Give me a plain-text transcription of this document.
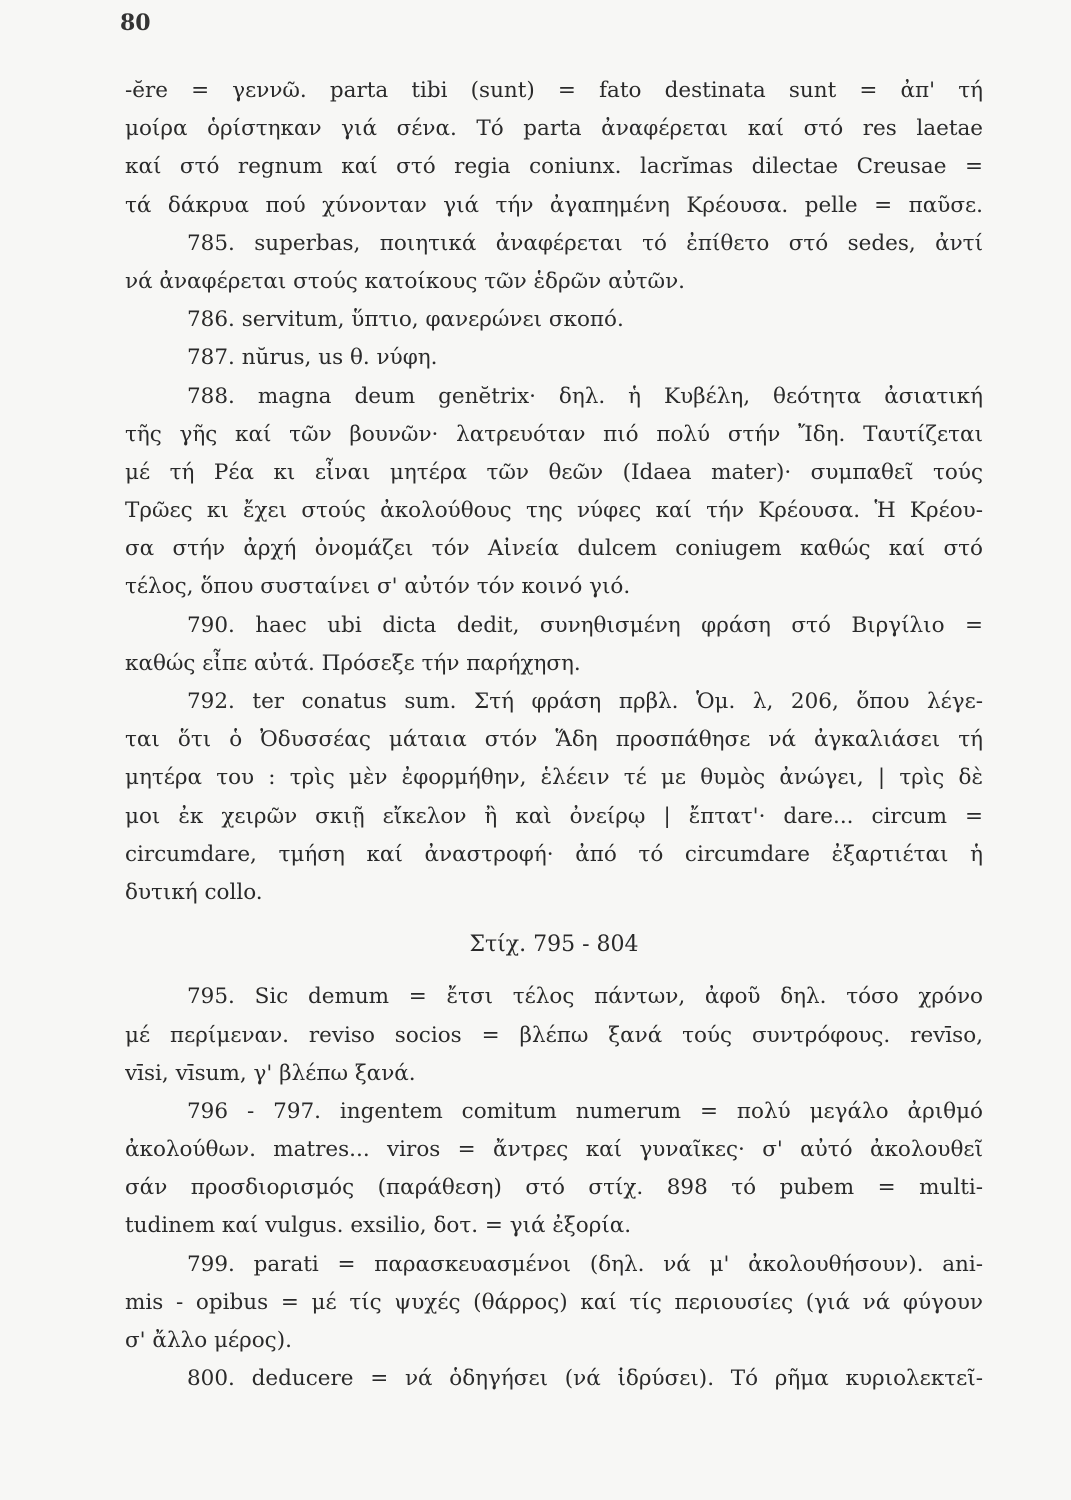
80
-ĕre = γεννῶ. parta tibi (sunt) = fato destinata sunt = ἀπ' τή
μοίρα ὁρίστηκαν γιά σένα. Τό parta ἀναφέρεται καί στό res laetae
καί στό regnum καί στό regia coniunx. lacrĭmas dilectae Creusae =
τά δάκρυα πού χύνονταν γιά τήν ἀγαπημένη Κρέουσα. pelle = παῦσε.
785. superbas, ποιητικά ἀναφέρεται τό ἐπίθετο στό sedes, ἀντί
νά ἀναφέρεται στούς κατοίκους τῶν ἑδρῶν αὐτῶν.
786. servitum, ὕπτιο, φανερώνει σκοπό.
787. nŭrus, us θ. νύφη.
788. magna deum genĕtrix· δηλ. ἡ Κυβέλη, θεότητα ἀσιατική
τῆς γῆς καί τῶν βουνῶν· λατρευόταν πιό πολύ στήν Ἴδη. Ταυτίζεται
μέ τή Ρέα κι εἶναι μητέρα τῶν θεῶν (Idaea mater)· συμπαθεῖ τούς
Τρῶες κι ἔχει στούς ἀκολούθους της νύφες καί τήν Κρέουσα. Ἡ Κρέου-
σα στήν ἀρχή ὀνομάζει τόν Αἰνεία dulcem coniugem καθώς καί στό
τέλος, ὅπου συσταίνει σ' αὐτόν τόν κοινό γιό.
790. haec ubi dicta dedit, συνηθισμένη φράση στό Βιργίλιο =
καθώς εἶπε αὐτά. Πρόσεξε τήν παρήχηση.
792. ter conatus sum. Στή φράση πρβλ. Ὁμ. λ, 206, ὅπου λέγε-
ται ὅτι ὁ Ὀδυσσέας μάταια στόν Ἅδη προσπάθησε νά ἀγκαλιάσει τή
μητέρα του : τρὶς μὲν ἐφορμήθην, ἑλέειν τέ με θυμὸς ἀνώγει, | τρὶς δὲ
μοι ἐκ χειρῶν σκιῇ εἴκελον ἢ καὶ ὀνείρῳ | ἔπτατ'· dare... circum =
circumdare, τμήση καί ἀναστροφή· ἀπό τό circumdare ἐξαρτιέται ἡ
δυτική collo.
Στίχ. 795 - 804
795. Sic demum = ἔτσι τέλος πάντων, ἀφοῦ δηλ. τόσο χρόνο
μέ περίμεναν. reviso socios = βλέπω ξανά τούς συντρόφους. revīso,
vīsi, vīsum, γ' βλέπω ξανά.
796 - 797. ingentem comitum numerum = πολύ μεγάλο ἀριθμό
ἀκολούθων. matres... viros = ἄντρες καί γυναῖκες· σ' αὐτό ἀκολουθεῖ
σάν προσδιορισμός (παράθεση) στό στίχ. 898 τό pubem = multi-
tudinem καί vulgus. exsilio, δοτ. = γιά ἐξορία.
799. parati = παρασκευασμένοι (δηλ. νά μ' ἀκολουθήσουν). ani-
mis - opibus = μέ τίς ψυχές (θάρρος) καί τίς περιουσίες (γιά νά φύγουν
σ' ἄλλο μέρος).
800. deducere = νά ὁδηγήσει (νά ἱδρύσει). Τό ρῆμα κυριολεκτεῖ-
